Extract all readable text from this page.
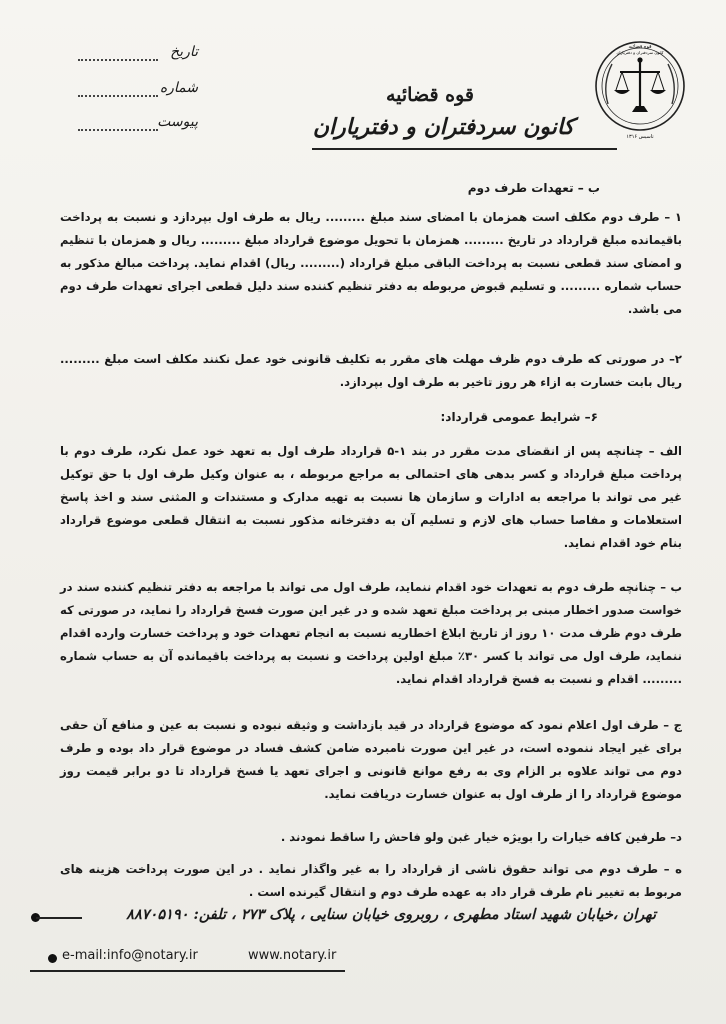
قوه قضائیه
کانون سردفتران و دفتریاران
تاسیس ۱۳۱۶
قوه قضائیه
کانون سردفتران و دفتریاران
تاریخ
شماره
پیوست
ب – تعهدات طرف دوم
۱ – طرف دوم مکلف است همزمان با امضای سند مبلغ ......... ریال به طرف اول بپردازد و نسبت به پرداخت باقیمانده مبلغ قرارداد در تاریخ ......... همزمان با تحویل موضوع قرارداد مبلغ ......... ریال و همزمان با تنظیم و امضای سند قطعی نسبت به پرداخت الباقی مبلغ قرارداد (......... ریال) اقدام نماید. پرداخت مبالغ مذکور به حساب شماره ......... و تسلیم قبوض مربوطه به دفتر تنظیم کننده سند دلیل قطعی اجرای تعهدات طرف دوم می باشد.
۲– در صورتی که طرف دوم ظرف مهلت های مقرر به تکلیف قانونی خود عمل نکنند مکلف است مبلغ ......... ریال بابت خسارت به ازاء هر روز تاخیر به طرف اول بپردازد.
۶– شرایط عمومی قرارداد:
الف – چنانچه پس از انقضای مدت مقرر در بند ۱-۵ قرارداد طرف اول به تعهد خود عمل نکرد، طرف دوم با پرداخت مبلغ قرارداد و کسر بدهی های احتمالی به مراجع مربوطه ، به عنوان وکیل طرف اول با حق توکیل غیر می تواند با مراجعه به ادارات و سازمان ها نسبت به تهیه مدارک و مستندات و المثنی سند و اخذ پاسخ استعلامات و مفاصا حساب های لازم و تسلیم آن به دفترخانه مذکور نسبت به انتقال قطعی موضوع قرارداد بنام خود اقدام نماید.
ب – چنانچه طرف دوم به تعهدات خود اقدام ننماید، طرف اول می تواند با مراجعه به دفتر تنظیم کننده سند در خواست صدور اخطار مبنی بر پرداخت مبلغ تعهد شده و در غیر این صورت فسخ قرارداد را نماید، در صورتی که طرف دوم ظرف مدت ۱۰ روز از تاریخ ابلاغ اخطاریه نسبت به انجام تعهدات خود و پرداخت خسارت وارده اقدام ننماید، طرف اول می تواند با کسر ۳۰٪ مبلغ اولین پرداخت و نسبت به پرداخت باقیمانده آن به حساب شماره ......... اقدام و نسبت به فسخ قرارداد اقدام نماید.
ج – طرف اول اعلام نمود که موضوع قرارداد در قید بازداشت و وثیقه نبوده و نسبت به عین و منافع آن حقی برای غیر ایجاد ننموده است، در غیر این صورت نامبرده ضامن کشف فساد در موضوع قرار داد بوده و طرف دوم می تواند علاوه بر الزام وی به رفع موانع قانونی و اجرای تعهد یا فسخ قرارداد تا دو برابر قیمت روز موضوع قرارداد را از طرف اول به عنوان خسارت دریافت نماید.
د– طرفین کافه خیارات را بویژه خیار غبن ولو فاحش را ساقط نمودند .
ه – طرف دوم می تواند حقوق ناشی از قرارداد را به غیر واگذار نماید . در این صورت پرداخت هزینه های مربوط به تغییر نام طرف قرار داد به عهده طرف دوم و انتقال گیرنده است .
تهران ،خیابان شهید استاد مطهری ، روبروی خیابان سنایی ، پلاک ۲۷۳ ، تلفن: ۸۸۷۰۵۱۹۰
e-mail:info@notary.ir	www.notary.ir
